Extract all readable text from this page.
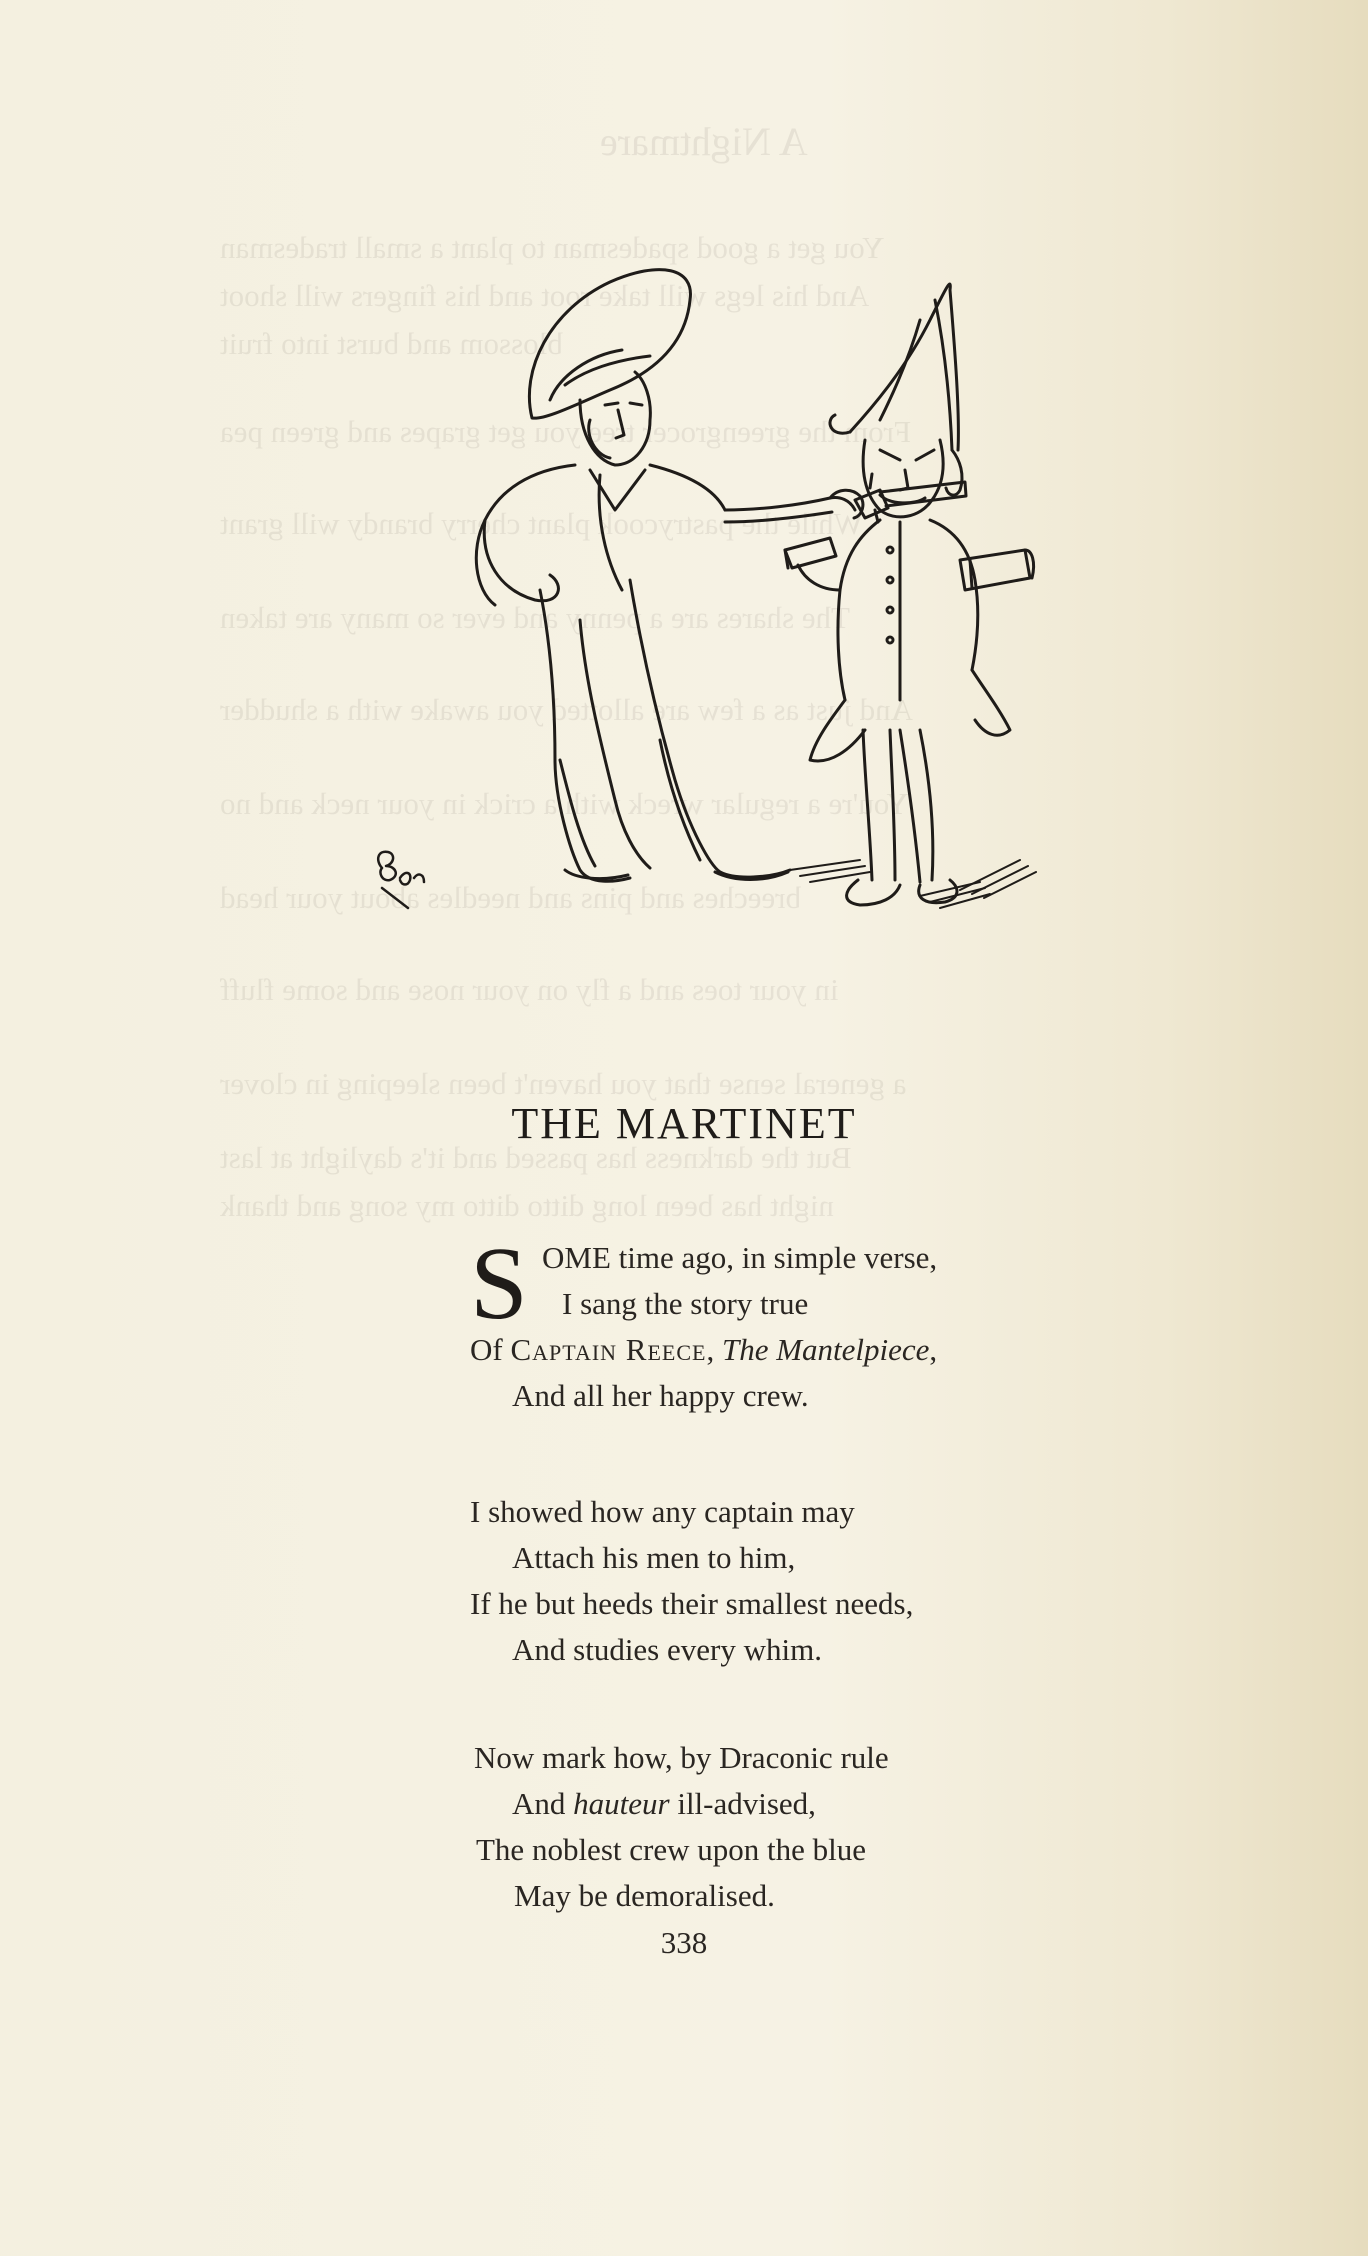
A Nightmare
You get a good spadesman to plant a small tradesman
And his legs will take root and his fingers will shoot
blossom and burst into fruit
From the greengrocer tree you get grapes and green pea
While the pastrycook plant cherry brandy will grant
The shares are a penny and ever so many are taken
And just as a few are allotted you awake with a shudder
You're a regular wreck with a crick in your neck and no
breeches and pins and needles about your head
in your toes and a fly on your nose and some fluff
a general sense that you haven't been sleeping in clover
But the darkness has passed and it's daylight at last
night has been long ditto ditto my song and thank
THE MARTINET
S OME time ago, in simple verse,
I sang the story true
Of Captain Reece, The Mantelpiece,
And all her happy crew.
I showed how any captain may
Attach his men to him,
If he but heeds their smallest needs,
And studies every whim.
Now mark how, by Draconic rule
And hauteur ill-advised,
The noblest crew upon the blue
May be demoralised.
338
